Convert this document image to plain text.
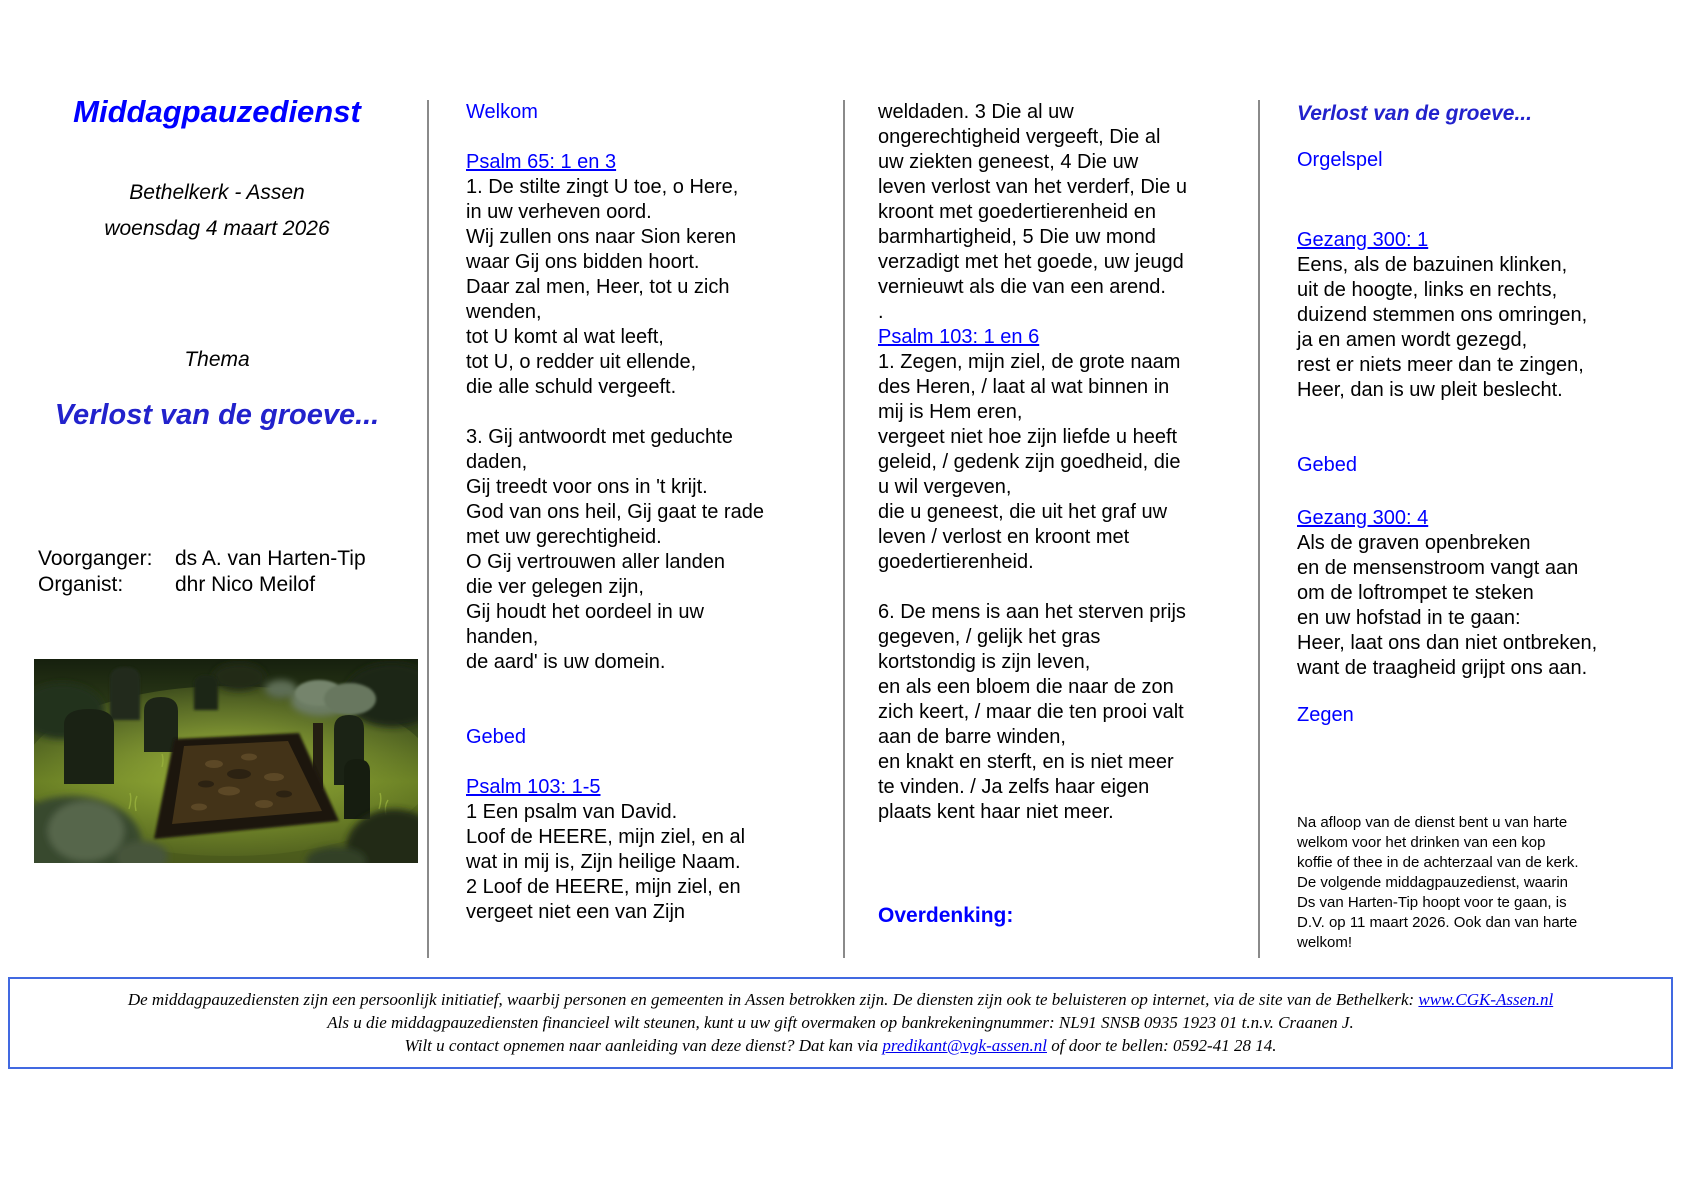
Middagpauzedienst
Bethelkerk - Assen
woensdag 4 maart 2026
Thema
Verlost van de groeve...
Voorganger:	ds A. van Harten-Tip
Organist:	dhr Nico Meilof
Welkom
Psalm 65: 1 en 3
1. De stilte zingt U toe, o Here,
in uw verheven oord.
Wij zullen ons naar Sion keren
waar Gij ons bidden hoort.
Daar zal men, Heer, tot u zich
wenden,
tot U komt al wat leeft,
tot U, o redder uit ellende,
die alle schuld vergeeft.
3. Gij antwoordt met geduchte
daden,
Gij treedt voor ons in 't krijt.
God van ons heil, Gij gaat te rade
met uw gerechtigheid.
O Gij vertrouwen aller landen
die ver gelegen zijn,
Gij houdt het oordeel in uw
handen,
de aard' is uw domein.
Gebed
Psalm 103: 1-5
1 Een psalm van David.
Loof de HEERE, mijn ziel, en al
wat in mij is, Zijn heilige Naam.
2 Loof de HEERE, mijn ziel, en
vergeet niet een van Zijn
weldaden. 3 Die al uw
ongerechtigheid vergeeft, Die al
uw ziekten geneest, 4 Die uw
leven verlost van het verderf, Die u
kroont met goedertierenheid en
barmhartigheid, 5 Die uw mond
verzadigt met het goede, uw jeugd
vernieuwt als die van een arend.
.
Psalm 103: 1 en 6
1. Zegen, mijn ziel, de grote naam
des Heren, / laat al wat binnen in
mij is Hem eren,
vergeet niet hoe zijn liefde u heeft
geleid, / gedenk zijn goedheid, die
u wil vergeven,
die u geneest, die uit het graf uw
leven / verlost en kroont met
goedertierenheid.
6. De mens is aan het sterven prijs
gegeven, / gelijk het gras
kortstondig is zijn leven,
en als een bloem die naar de zon
zich keert, / maar die ten prooi valt
aan de barre winden,
en knakt en sterft, en is niet meer
te vinden. / Ja zelfs haar eigen
plaats kent haar niet meer.
Overdenking:
Verlost van de groeve...
Orgelspel
Gezang 300: 1
Eens, als de bazuinen klinken,
uit de hoogte, links en rechts,
duizend stemmen ons omringen,
ja en amen wordt gezegd,
rest er niets meer dan te zingen,
Heer, dan is uw pleit beslecht.
Gebed
Gezang 300: 4
Als de graven openbreken
en de mensenstroom vangt aan
om de loftrompet te steken
en uw hofstad in te gaan:
Heer, laat ons dan niet ontbreken,
want de traagheid grijpt ons aan.
Zegen
Na afloop van de dienst bent u van harte
welkom voor het drinken van een kop
koffie of thee in de achterzaal van de kerk.
De volgende middagpauzedienst, waarin
Ds van Harten-Tip hoopt voor te gaan, is
D.V. op 11 maart 2026. Ook dan van harte
welkom!
De middagpauzediensten zijn een persoonlijk initiatief, waarbij personen en gemeenten in Assen betrokken zijn. De diensten zijn ook te beluisteren op internet, via de site van de Bethelkerk: www.CGK-Assen.nl
Als u die middagpauzediensten financieel wilt steunen, kunt u uw gift overmaken op bankrekeningnummer: NL91 SNSB 0935 1923 01 t.n.v. Craanen J.
Wilt u contact opnemen naar aanleiding van deze dienst? Dat kan via predikant@vgk-assen.nl of door te bellen: 0592-41 28 14.
